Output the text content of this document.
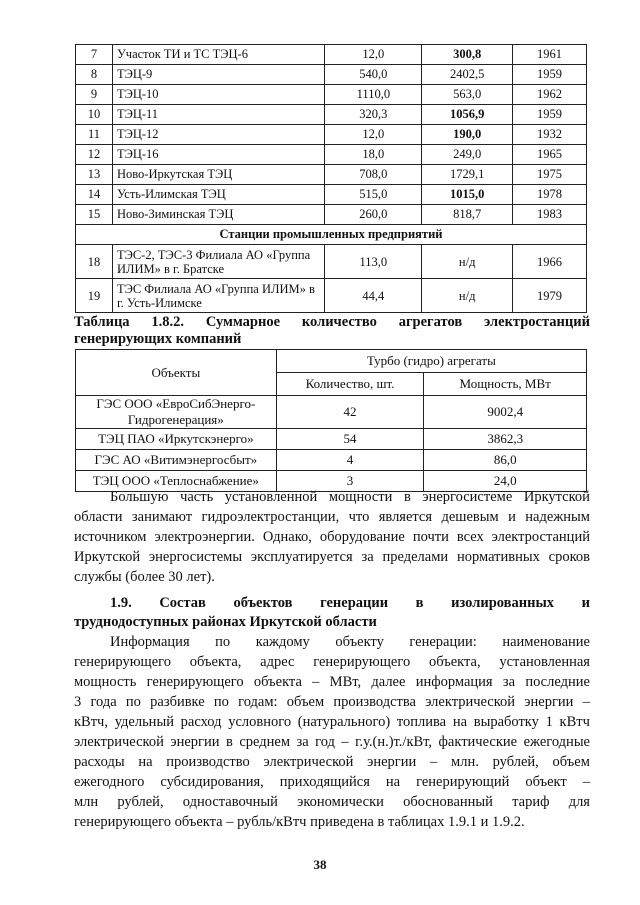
7	Участок ТИ и ТС ТЭЦ-6	12,0	300,8	1961
8	ТЭЦ-9	540,0	2402,5	1959
9	ТЭЦ-10	1110,0	563,0	1962
10	ТЭЦ-11	320,3	1056,9	1959
11	ТЭЦ-12	12,0	190,0	1932
12	ТЭЦ-16	18,0	249,0	1965
13	Ново-Иркутская ТЭЦ	708,0	1729,1	1975
14	Усть-Илимская ТЭЦ	515,0	1015,0	1978
15	Ново-Зиминская ТЭЦ	260,0	818,7	1983
Станции промышленных предприятий				
18	ТЭС-2, ТЭС-3 Филиала АО «Группа ИЛИМ» в г. Братске	113,0	н/д	1966
19	ТЭС Филиала АО «Группа ИЛИМ» в г. Усть-Илимске	44,4	н/д	1979
Таблица 1.8.2. Суммарное количество агрегатов электростанций
генерирующих компаний
Объекты	Турбо (гидро) агрегаты	
	Количество, шт.	Мощность, МВт
ГЭС ООО «ЕвроСибЭнерго-Гидрогенерация»	42	9002,4
ТЭЦ ПАО «Иркутскэнерго»	54	3862,3
ГЭС АО «Витимэнергосбыт»	4	86,0
ТЭЦ ООО «Теплоснабжение»	3	24,0
Большую часть установленной мощности в энергосистеме Иркутской
области занимают гидроэлектростанции, что является дешевым и надежным
источником электроэнергии. Однако, оборудование почти всех электростанций
Иркутской энергосистемы эксплуатируется за пределами нормативных сроков
службы (более 30 лет).
1.9. Состав объектов генерации в изолированных и
труднодоступных районах Иркутской области
Информация по каждому объекту генерации: наименование
генерирующего объекта, адрес генерирующего объекта, установленная
мощность генерирующего объекта – МВт, далее информация за последние
3 года по разбивке по годам: объем производства электрической энергии –
кВтч, удельный расход условного (натурального) топлива на выработку 1 кВтч
электрической энергии в среднем за год – г.у.(н.)т./кВт, фактические ежегодные
расходы на производство электрической энергии – млн. рублей, объем
ежегодного субсидирования, приходящийся на генерирующий объект –
млн рублей, одноставочный экономически обоснованный тариф для
генерирующего объекта – рубль/кВтч приведена в таблицах 1.9.1 и 1.9.2.
38
